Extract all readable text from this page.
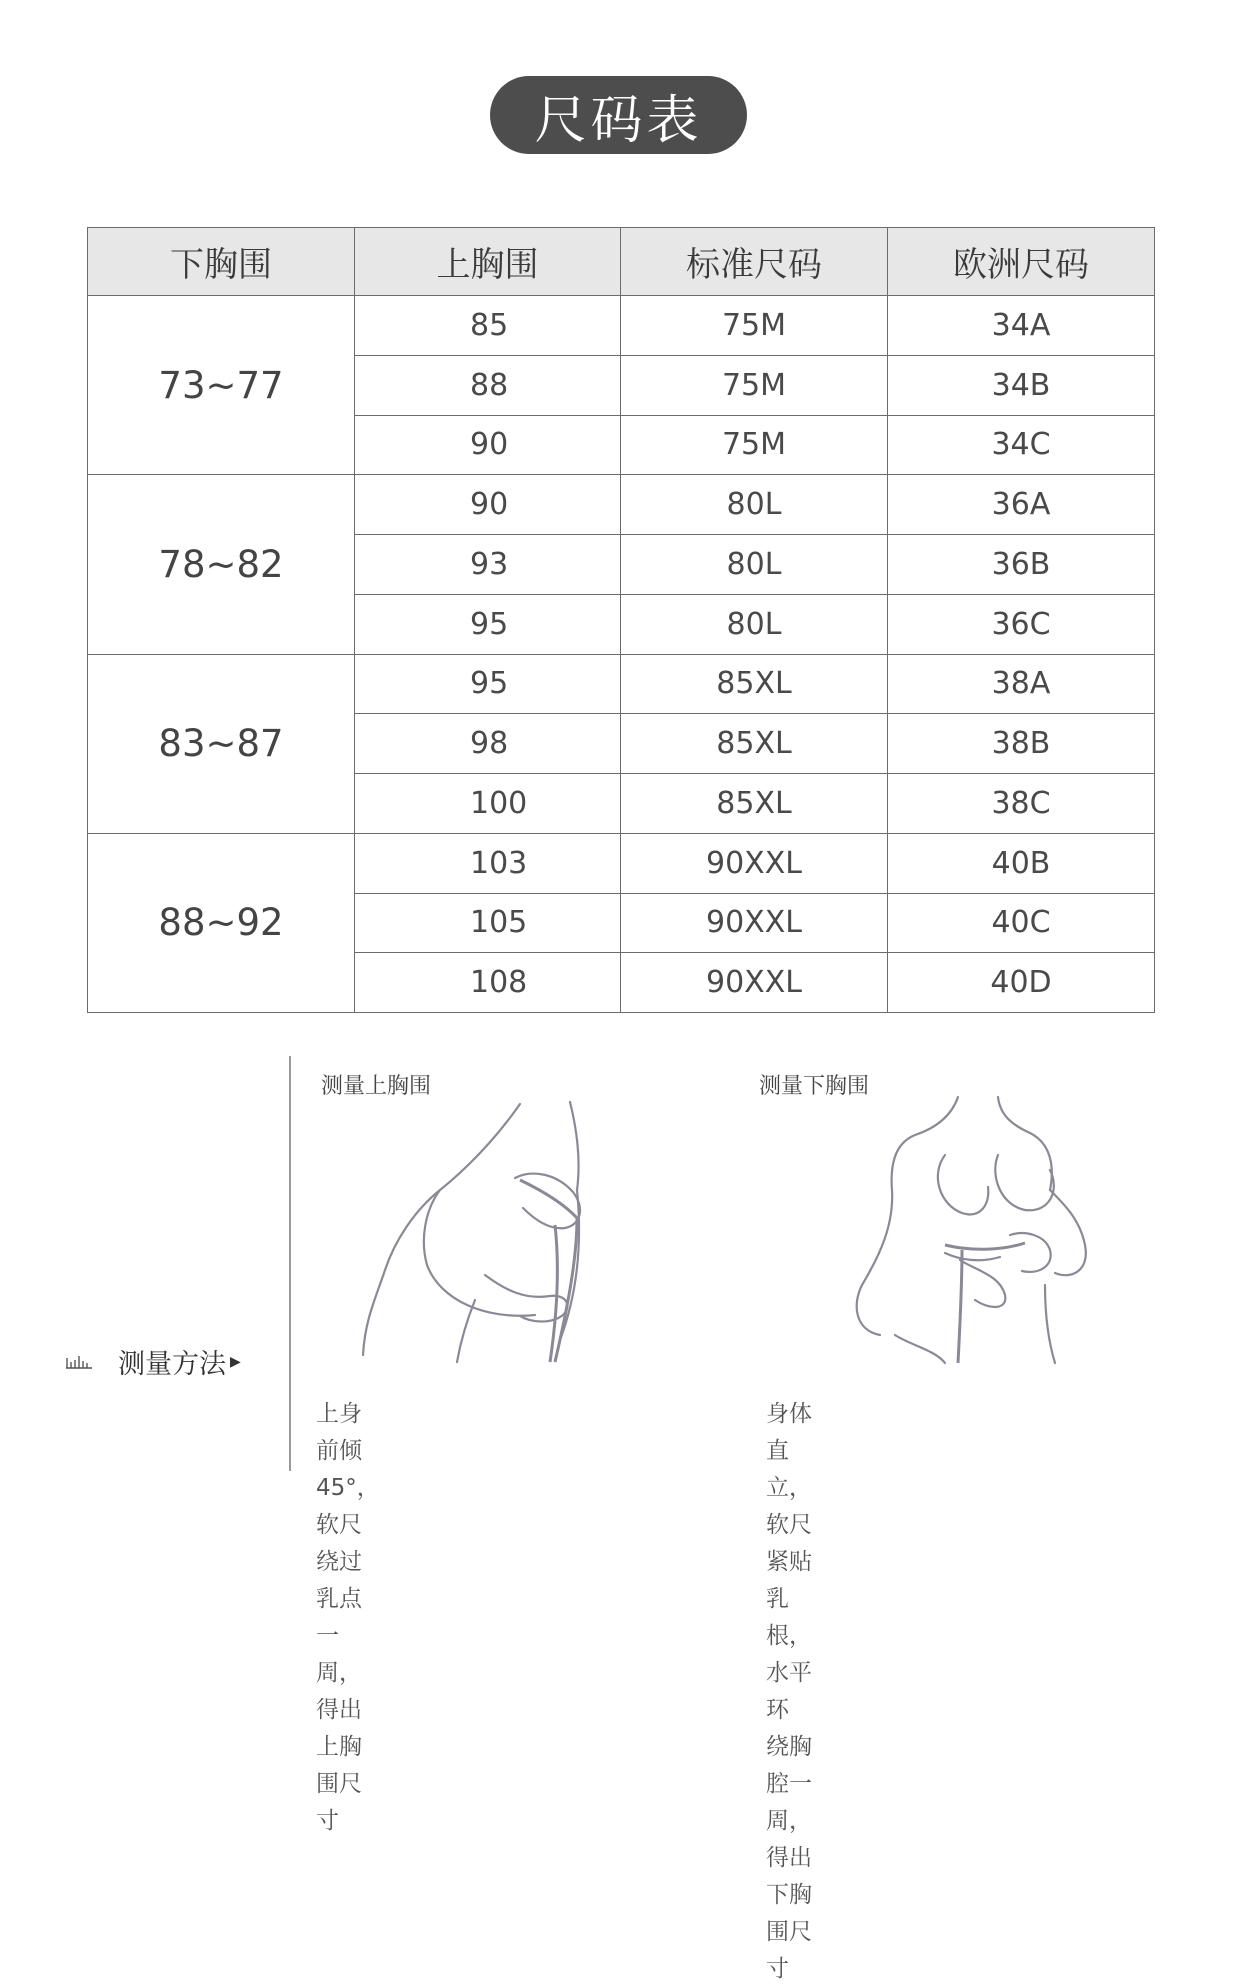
尺码表
下胸围	上胸围	标准尺码	欧洲尺码
73~77	85	75M	34A
	88	75M	34B
	90	75M	34C
78~82	90	80L	36A
	93	80L	36B
	95	80L	36C
83~87	95	85XL	38A
	98	85XL	38B
	100	85XL	38C
88~92	103	90XXL	40B
	105	90XXL	40C
	108	90XXL	40D
测量方法 ▶
测量上胸围
上身前倾45°，软尺绕过乳点一
周，得出上胸围尺寸
测量下胸围
身体直立，软尺紧贴乳根，水平环
绕胸腔一周，得出下胸围尺寸
